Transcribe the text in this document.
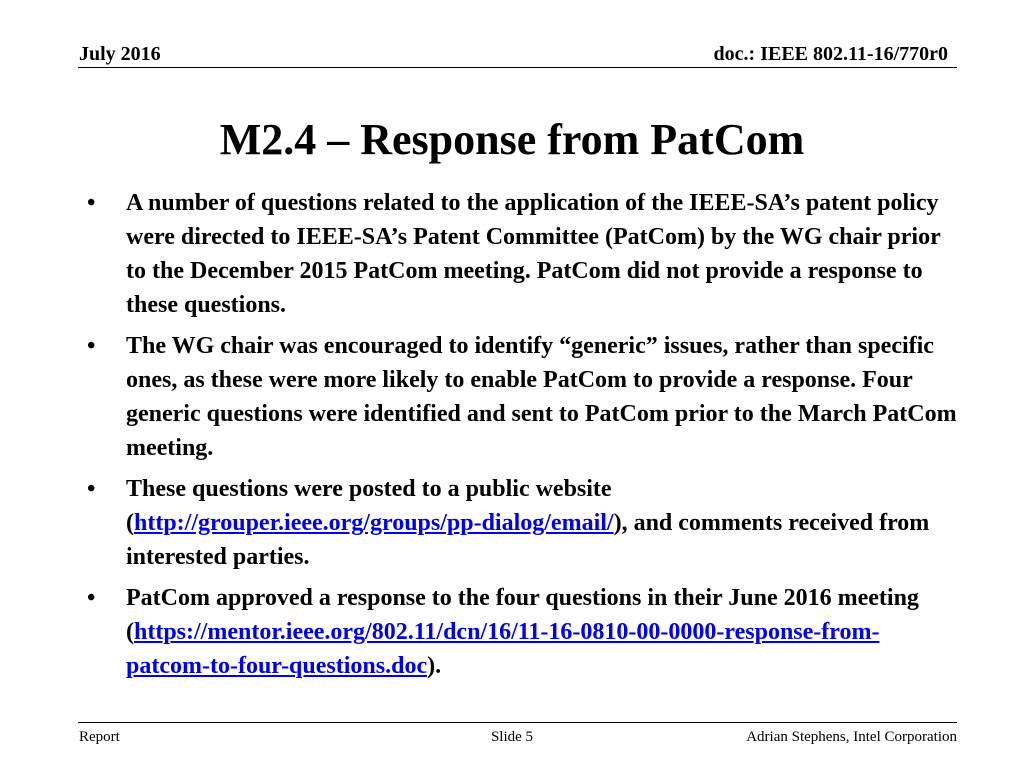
July 2016	doc.: IEEE 802.11-16/770r0
M2.4 – Response from PatCom
• A number of questions related to the application of the IEEE-SA’s patent policy were directed to IEEE-SA’s Patent Committee (PatCom) by the WG chair prior to the December 2015 PatCom meeting. PatCom did not provide a response to these questions.
• The WG chair was encouraged to identify “generic” issues, rather than specific ones, as these were more likely to enable PatCom to provide a response. Four generic questions were identified and sent to PatCom prior to the March PatCom meeting.
• These questions were posted to a public website (http://grouper.ieee.org/groups/pp-dialog/email/), and comments received from interested parties.
• PatCom approved a response to the four questions in their June 2016 meeting (https://mentor.ieee.org/802.11/dcn/16/11-16-0810-00-0000-response-from-patcom-to-four-questions.doc).
Report	Slide 5	Adrian Stephens, Intel Corporation
